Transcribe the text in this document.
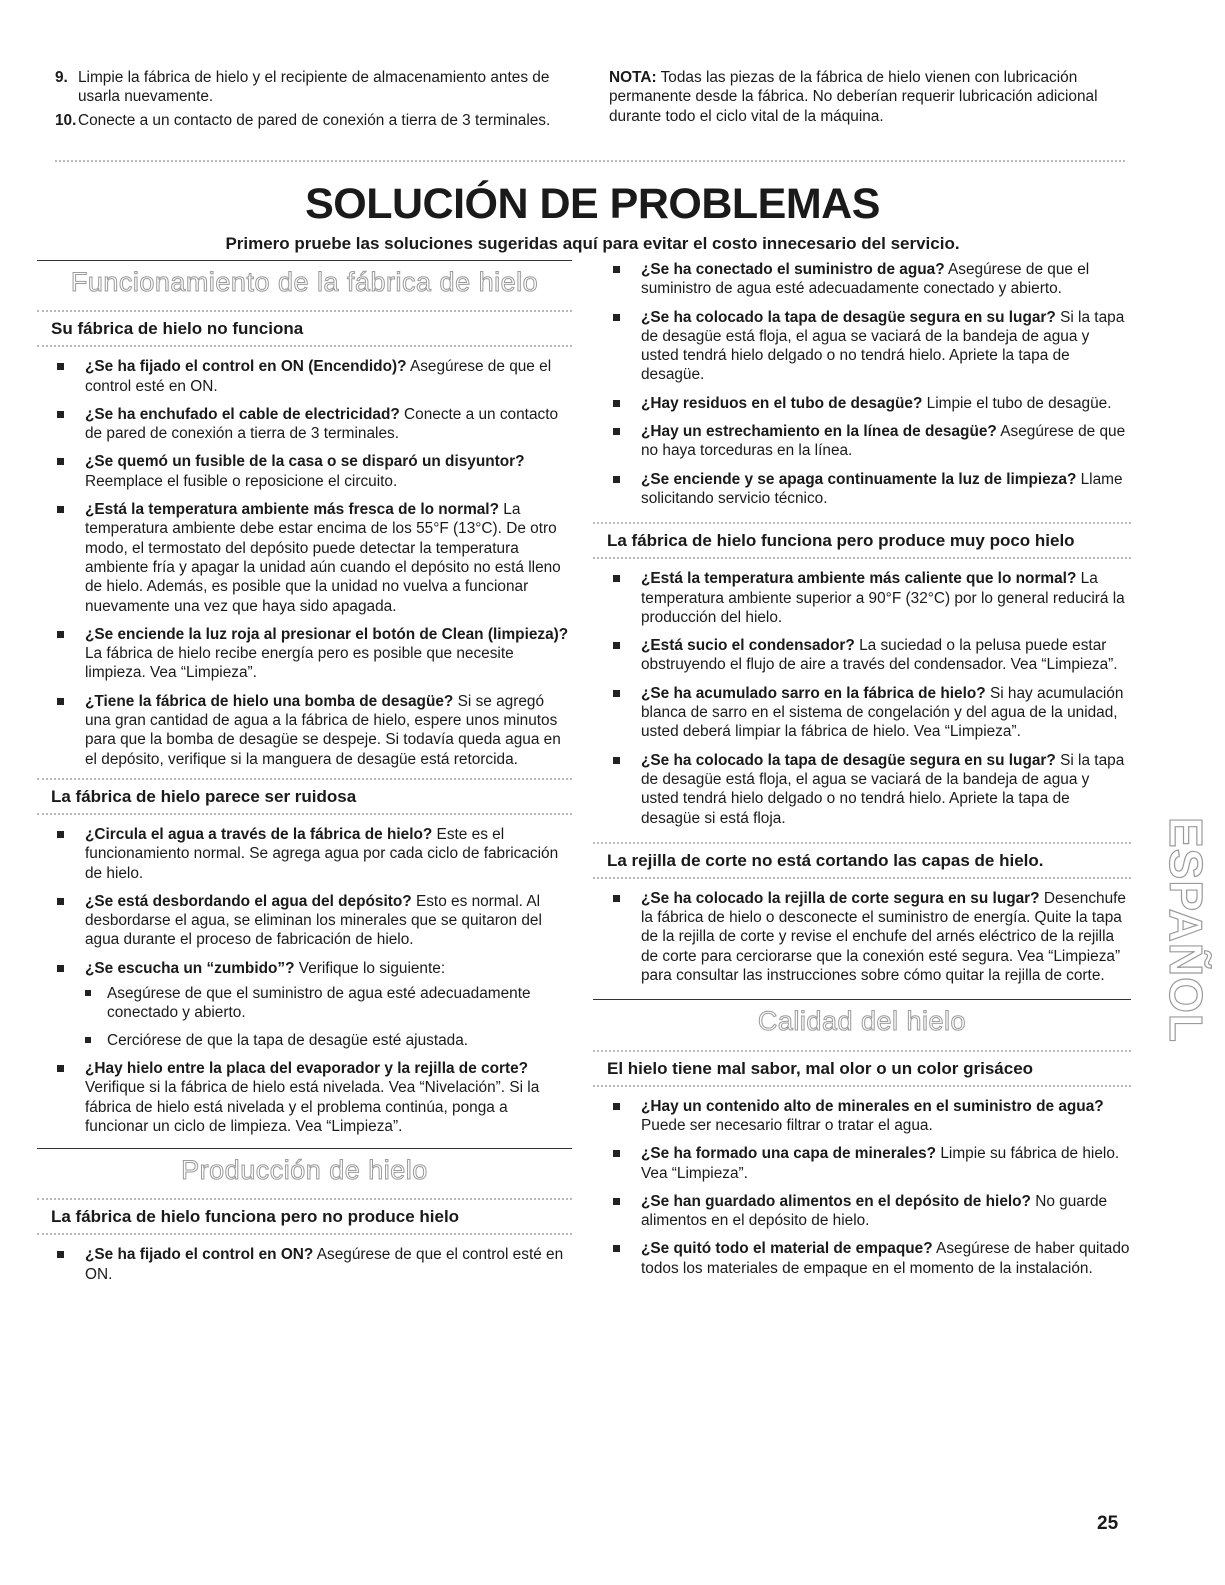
9. Limpie la fábrica de hielo y el recipiente de almacenamiento antes de usarla nuevamente.
10. Conecte a un contacto de pared de conexión a tierra de 3 terminales.
NOTA: Todas las piezas de la fábrica de hielo vienen con lubricación permanente desde la fábrica. No deberían requerir lubricación adicional durante todo el ciclo vital de la máquina.
SOLUCIÓN DE PROBLEMAS
Primero pruebe las soluciones sugeridas aquí para evitar el costo innecesario del servicio.
Funcionamiento de la fábrica de hielo
Su fábrica de hielo no funciona
¿Se ha fijado el control en ON (Encendido)? Asegúrese de que el control esté en ON.
¿Se ha enchufado el cable de electricidad? Conecte a un contacto de pared de conexión a tierra de 3 terminales.
¿Se quemó un fusible de la casa o se disparó un disyuntor? Reemplace el fusible o reposicione el circuito.
¿Está la temperatura ambiente más fresca de lo normal? La temperatura ambiente debe estar encima de los 55°F (13°C). De otro modo, el termostato del depósito puede detectar la temperatura ambiente fría y apagar la unidad aún cuando el depósito no está lleno de hielo. Además, es posible que la unidad no vuelva a funcionar nuevamente una vez que haya sido apagada.
¿Se enciende la luz roja al presionar el botón de Clean (limpieza)? La fábrica de hielo recibe energía pero es posible que necesite limpieza. Vea “Limpieza”.
¿Tiene la fábrica de hielo una bomba de desagüe? Si se agregó una gran cantidad de agua a la fábrica de hielo, espere unos minutos para que la bomba de desagüe se despeje. Si todavía queda agua en el depósito, verifique si la manguera de desagüe está retorcida.
La fábrica de hielo parece ser ruidosa
¿Circula el agua a través de la fábrica de hielo? Este es el funcionamiento normal. Se agrega agua por cada ciclo de fabricación de hielo.
¿Se está desbordando el agua del depósito? Esto es normal. Al desbordarse el agua, se eliminan los minerales que se quitaron del agua durante el proceso de fabricación de hielo.
¿Se escucha un “zumbido”? Verifique lo siguiente:
Asegúrese de que el suministro de agua esté adecuadamente conectado y abierto.
Cerciórese de que la tapa de desagüe esté ajustada.
¿Hay hielo entre la placa del evaporador y la rejilla de corte? Verifique si la fábrica de hielo está nivelada. Vea “Nivelación”. Si la fábrica de hielo está nivelada y el problema continúa, ponga a funcionar un ciclo de limpieza. Vea “Limpieza”.
Producción de hielo
La fábrica de hielo funciona pero no produce hielo
¿Se ha fijado el control en ON? Asegúrese de que el control esté en ON.
¿Se ha conectado el suministro de agua? Asegúrese de que el suministro de agua esté adecuadamente conectado y abierto.
¿Se ha colocado la tapa de desagüe segura en su lugar? Si la tapa de desagüe está floja, el agua se vaciará de la bandeja de agua y usted tendrá hielo delgado o no tendrá hielo. Apriete la tapa de desagüe.
¿Hay residuos en el tubo de desagüe? Limpie el tubo de desagüe.
¿Hay un estrechamiento en la línea de desagüe? Asegúrese de que no haya torceduras en la línea.
¿Se enciende y se apaga continuamente la luz de limpieza? Llame solicitando servicio técnico.
La fábrica de hielo funciona pero produce muy poco hielo
¿Está la temperatura ambiente más caliente que lo normal? La temperatura ambiente superior a 90°F (32°C) por lo general reducirá la producción del hielo.
¿Está sucio el condensador? La suciedad o la pelusa puede estar obstruyendo el flujo de aire a través del condensador. Vea “Limpieza”.
¿Se ha acumulado sarro en la fábrica de hielo? Si hay acumulación blanca de sarro en el sistema de congelación y del agua de la unidad, usted deberá limpiar la fábrica de hielo. Vea “Limpieza”.
¿Se ha colocado la tapa de desagüe segura en su lugar? Si la tapa de desagüe está floja, el agua se vaciará de la bandeja de agua y usted tendrá hielo delgado o no tendrá hielo. Apriete la tapa de desagüe si está floja.
La rejilla de corte no está cortando las capas de hielo.
¿Se ha colocado la rejilla de corte segura en su lugar? Desenchufe la fábrica de hielo o desconecte el suministro de energía. Quite la tapa de la rejilla de corte y revise el enchufe del arnés eléctrico de la rejilla de corte para cerciorarse que la conexión esté segura. Vea “Limpieza” para consultar las instrucciones sobre cómo quitar la rejilla de corte.
Calidad del hielo
El hielo tiene mal sabor, mal olor o un color grisáceo
¿Hay un contenido alto de minerales en el suministro de agua? Puede ser necesario filtrar o tratar el agua.
¿Se ha formado una capa de minerales? Limpie su fábrica de hielo. Vea “Limpieza”.
¿Se han guardado alimentos en el depósito de hielo? No guarde alimentos en el depósito de hielo.
¿Se quitó todo el material de empaque? Asegúrese de haber quitado todos los materiales de empaque en el momento de la instalación.
ESPAÑOL
25
